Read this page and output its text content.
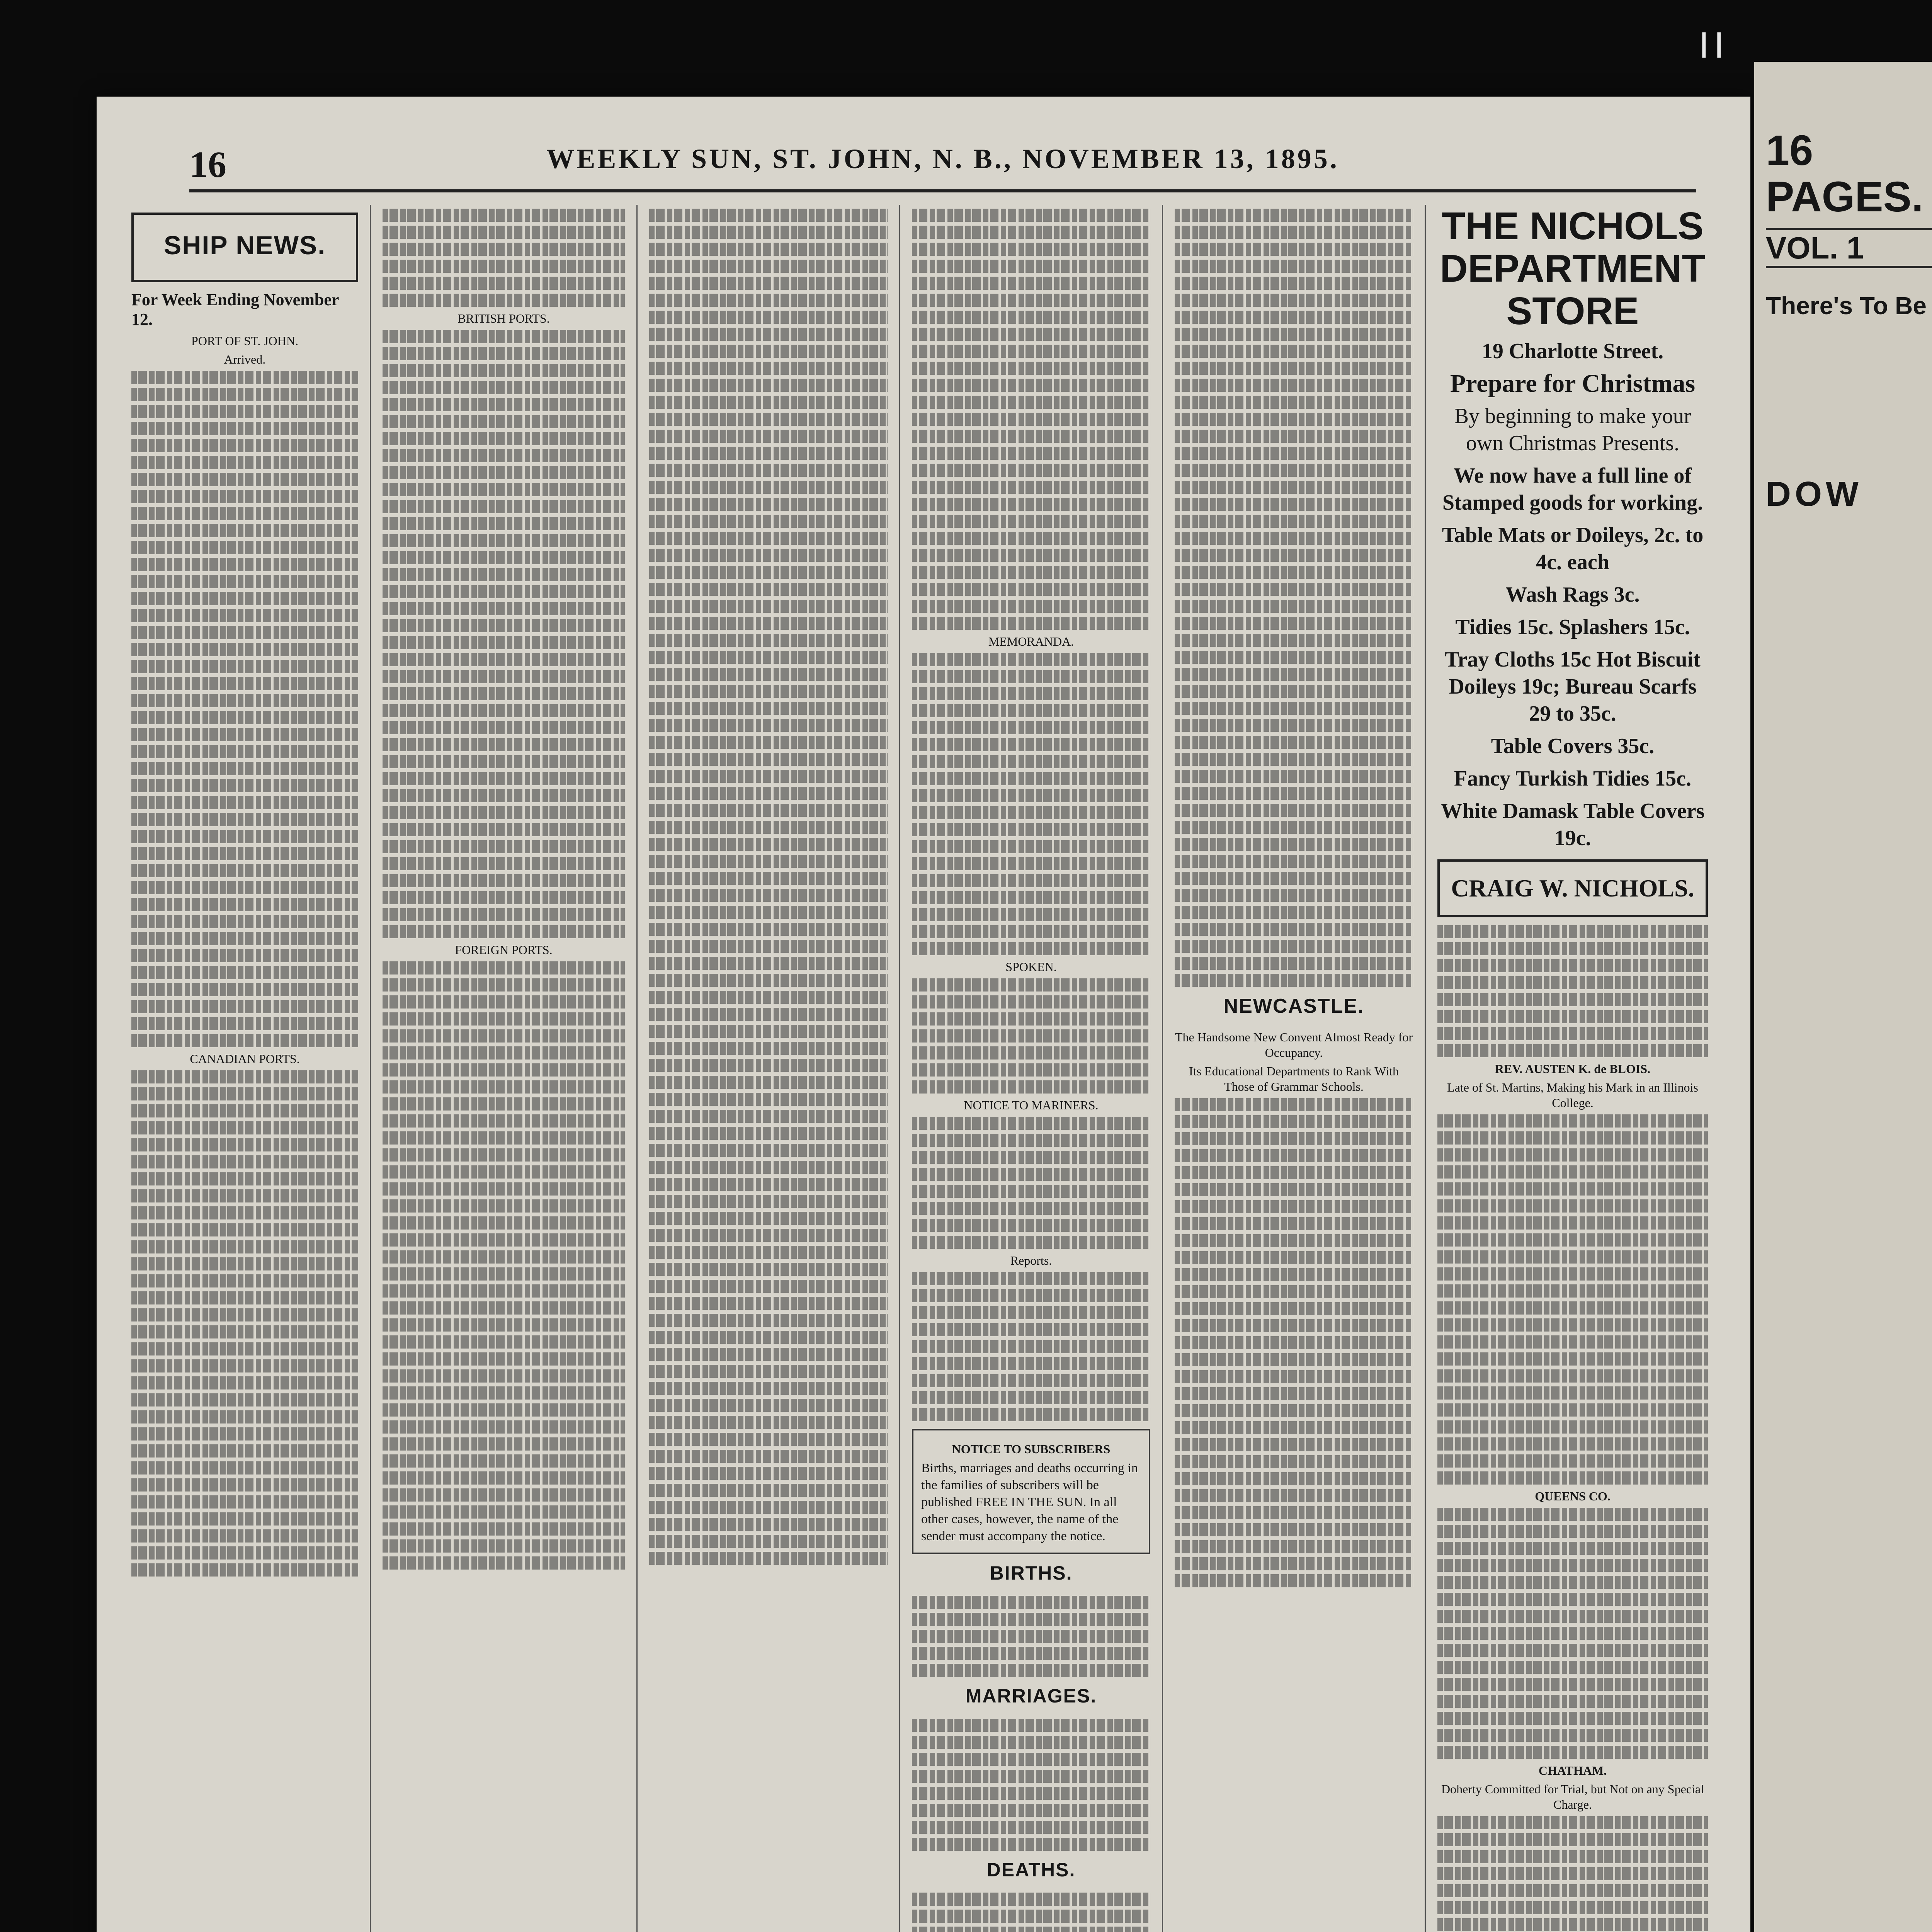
| |
16	WEEKLY SUN, ST. JOHN, N. B., NOVEMBER 13, 1895.
SHIP NEWS.
For Week Ending November 12.
PORT OF ST. JOHN.
Arrived.
CANADIAN PORTS.
BRITISH PORTS.
FOREIGN PORTS.
MEMORANDA.
SPOKEN.
NOTICE TO MARINERS.
Reports.
NOTICE TO SUBSCRIBERS
Births, marriages and deaths occurring in the families of subscribers will be published FREE IN THE SUN. In all other cases, however, the name of the sender must accompany the notice.
BIRTHS.
MARRIAGES.
DEATHS.
NEWCASTLE.
The Handsome New Convent Almost Ready for Occupancy.
Its Educational Departments to Rank With Those of Grammar Schools.
THE NICHOLS DEPARTMENT STORE
19 Charlotte Street.
Prepare for Christmas
By beginning to make your own Christmas Presents.
We now have a full line of Stamped goods for working.
Table Mats or Doileys, 2c. to 4c. each
Wash Rags 3c.
Tidies 15c. Splashers 15c.
Tray Cloths 15c Hot Biscuit Doileys 19c; Bureau Scarfs 29 to 35c.
Table Covers 35c.
Fancy Turkish Tidies 15c.
White Damask Table Covers 19c.
CRAIG W. NICHOLS.
REV. AUSTEN K. de BLOIS.
Late of St. Martins, Making his Mark in an Illinois College.
QUEENS CO.
CHATHAM.
Doherty Committed for Trial, but Not on any Special Charge.
16 PAGES.
VOL. 1
There's To Be
DOW
